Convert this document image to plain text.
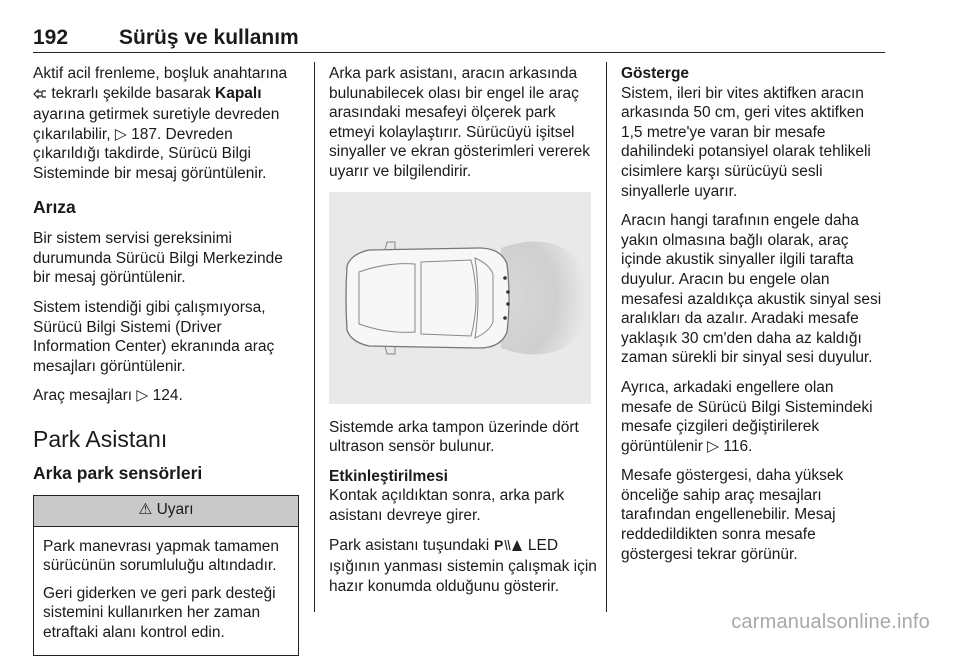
192 Sürüş ve kullanım

Aktif acil frenleme, boşluk anahtarına  tekrarlı şekilde basarak Kapalı ayarına getirmek suretiyle devreden çıkarılabilir, ▷ 187. Devreden çıkarıldığı takdirde, Sürücü Bilgi Sisteminde bir mesaj görüntülenir.

Arıza

Bir sistem servisi gereksinimi durumunda Sürücü Bilgi Merkezinde bir mesaj görüntülenir.

Sistem istendiği gibi çalışmıyorsa, Sürücü Bilgi Sistemi (Driver Information Center) ekranında araç mesajları görüntülenir.

Araç mesajları ▷ 124.

Park Asistanı
Arka park sensörleri
⚠ Uyarı

Park manevrası yapmak tamamen sürücünün sorumluluğu altındadır.

Geri giderken ve geri park desteği sistemini kullanırken her zaman etraftaki alanı kontrol edin.

Arka park asistanı, aracın arkasında bulunabilecek olası bir engel ile araç arasındaki mesafeyi ölçerek park etmeyi kolaylaştırır. Sürücüyü işitsel sinyaller ve ekran gösterimleri vererek uyarır ve bilgilendirir.

Sistemde arka tampon üzerinde dört ultrason sensör bulunur.

Etkinleştirilmesi

Kontak açıldıktan sonra, arka park asistanı devreye girer.

Park asistanı tuşundaki P LED ışığının yanması sistemin çalışmak için hazır konumda olduğunu gösterir.

Gösterge

Sistem, ileri bir vites aktifken aracın arkasında 50 cm, geri vites aktifken 1,5 metre'ye varan bir mesafe dahilindeki potansiyel olarak tehlikeli cisimlere karşı sürücüyü sesli sinyallerle uyarır.

Aracın hangi tarafının engele daha yakın olmasına bağlı olarak, araç içinde akustik sinyaller ilgili tarafta duyulur. Aracın bu engele olan mesafesi azaldıkça akustik sinyal sesi aralıkları da azalır. Aradaki mesafe yaklaşık 30 cm'den daha az kaldığı zaman sürekli bir sinyal sesi duyulur.

Ayrıca, arkadaki engellere olan mesafe de Sürücü Bilgi Sistemindeki mesafe çizgileri değiştirilerek görüntülenir ▷ 116.

Mesafe göstergesi, daha yüksek önceliğe sahip araç mesajları tarafından engellenebilir. Mesaj reddedildikten sonra mesafe göstergesi tekrar görünür.

carmanualsonline.info
